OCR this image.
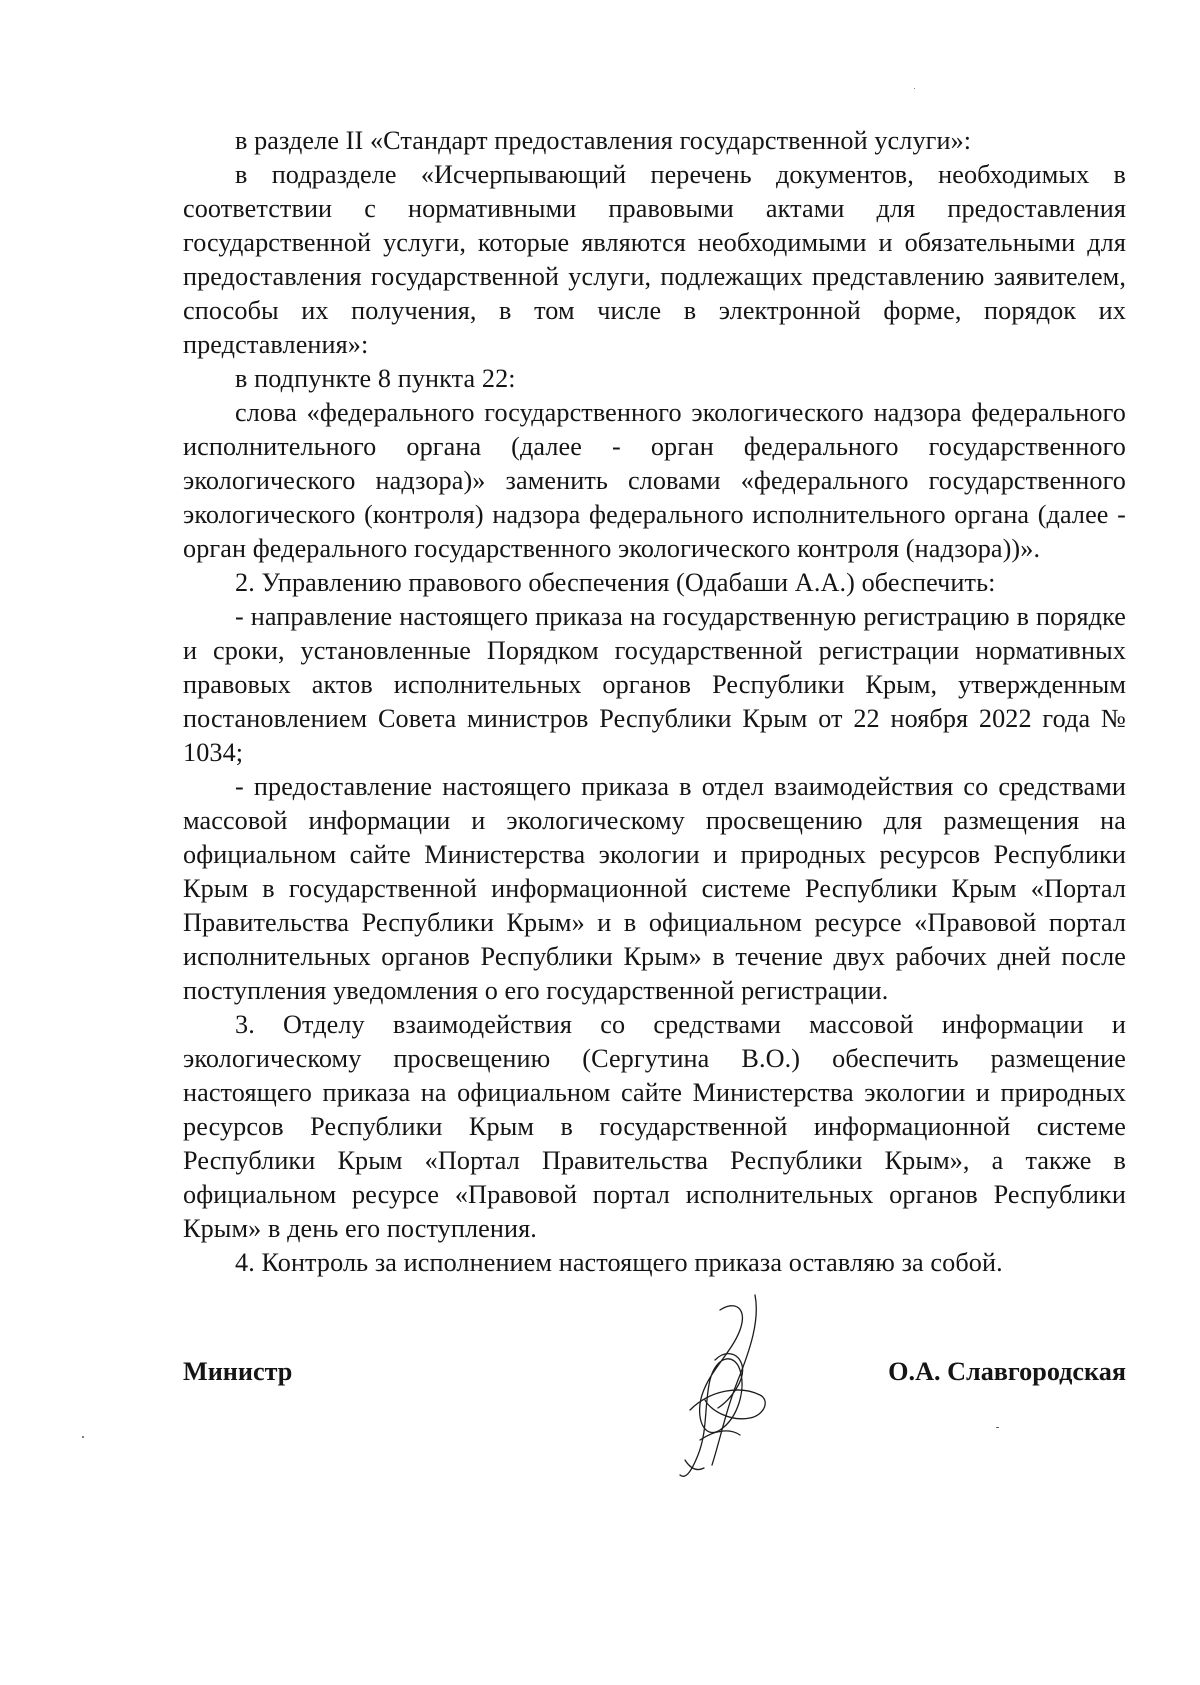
в разделе II «Стандарт предоставления государственной услуги»:

в подразделе «Исчерпывающий перечень документов, необходимых в соответствии с нормативными правовыми актами для предоставления государственной услуги, которые являются необходимыми и обязательными для предоставления государственной услуги, подлежащих представлению заявителем, способы их получения, в том числе в электронной форме, порядок их представления»:

в подпункте 8 пункта 22:

слова «федерального государственного экологического надзора федерального исполнительного органа (далее - орган федерального государственного экологического надзора)» заменить словами «федерального государственного экологического (контроля) надзора федерального исполнительного органа (далее - орган федерального государственного экологического контроля (надзора))».

2. Управлению правового обеспечения (Одабаши А.А.) обеспечить:

- направление настоящего приказа на государственную регистрацию в порядке и сроки, установленные Порядком государственной регистрации нормативных правовых актов исполнительных органов Республики Крым, утвержденным постановлением Совета министров Республики Крым от 22 ноября 2022 года № 1034;

- предоставление настоящего приказа в отдел взаимодействия со средствами массовой информации и экологическому просвещению для размещения на официальном сайте Министерства экологии и природных ресурсов Республики Крым в государственной информационной системе Республики Крым «Портал Правительства Республики Крым» и в официальном ресурсе «Правовой портал исполнительных органов Республики Крым» в течение двух рабочих дней после поступления уведомления о его государственной регистрации.

3. Отделу взаимодействия со средствами массовой информации и экологическому просвещению (Сергутина В.О.) обеспечить размещение настоящего приказа на официальном сайте Министерства экологии и природных ресурсов Республики Крым в государственной информационной системе Республики Крым «Портал Правительства Республики Крым», а также в официальном ресурсе «Правовой портал исполнительных органов Республики Крым» в день его поступления.

4. Контроль за исполнением настоящего приказа оставляю за собой.

Министр	О.А. Славгородская
